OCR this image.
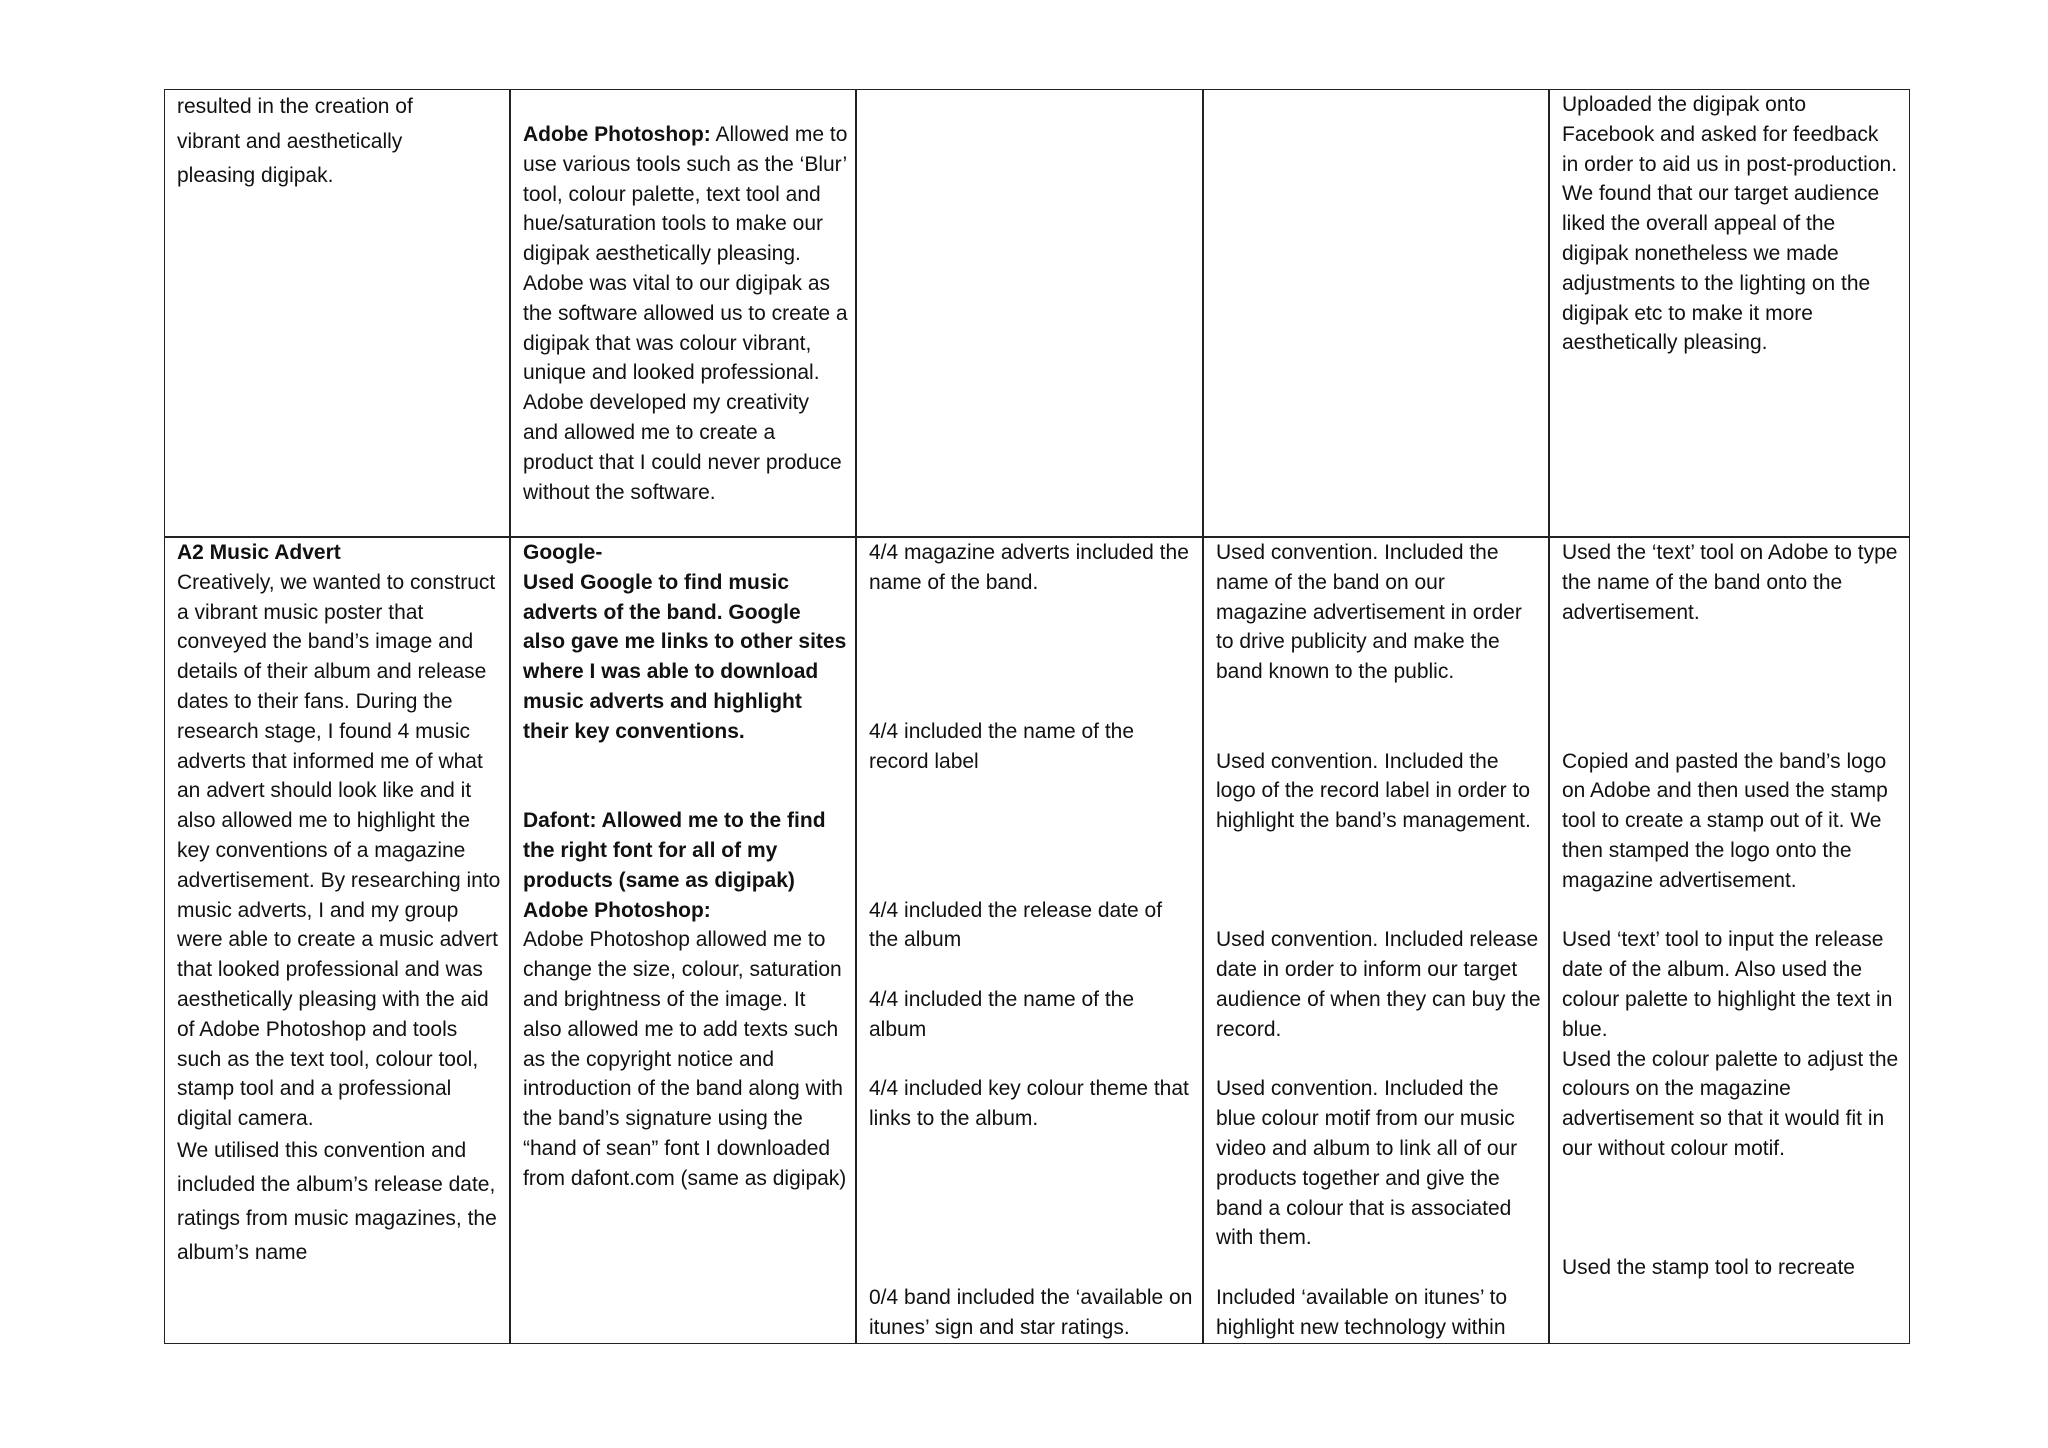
resulted in the creation of vibrant and aesthetically pleasing digipak.
Adobe Photoshop: Allowed me to use various tools such as the ‘Blur’ tool, colour palette, text tool and hue/saturation tools to make our digipak aesthetically pleasing. Adobe was vital to our digipak as the software allowed us to create a digipak that was colour vibrant, unique and looked professional. Adobe developed my creativity and allowed me to create a product that I could never produce without the software.
Uploaded the digipak onto Facebook and asked for feedback in order to aid us in post-production. We found that our target audience liked the overall appeal of the digipak nonetheless we made adjustments to the lighting on the digipak etc to make it more aesthetically pleasing.
A2 Music Advert
Creatively, we wanted to construct a vibrant music poster that conveyed the band’s image and details of their album and release dates to their fans. During the research stage, I found 4 music adverts that informed me of what an advert should look like and it also allowed me to highlight the key conventions of a magazine advertisement. By researching into music adverts, I and my group were able to create a music advert that looked professional and was aesthetically pleasing with the aid of Adobe Photoshop and tools such as the text tool, colour tool, stamp tool and a professional digital camera.
We utilised this convention and included the album’s release date, ratings from music magazines, the album’s name
Google-
Used Google to find music adverts of the band. Google also gave me links to other sites where I was able to download music adverts and highlight their key conventions.
Dafont: Allowed me to the find the right font for all of my products (same as digipak)
Adobe Photoshop:
Adobe Photoshop allowed me to change the size, colour, saturation and brightness of the image. It also allowed me to add texts such as the copyright notice and introduction of the band along with the band’s signature using the “hand of sean” font I downloaded from dafont.com (same as digipak)
4/4 magazine adverts included the name of the band.
4/4 included the name of the record label
4/4 included the release date of the album
4/4 included the name of the album
4/4 included key colour theme that links to the album.
0/4 band included the ‘available on itunes’ sign and star ratings.
Used convention. Included the name of the band on our magazine advertisement in order to drive publicity and make the band known to the public.
Used convention. Included the logo of the record label in order to highlight the band’s management.
Used convention. Included release date in order to inform our target audience of when they can buy the record.
Used convention. Included the blue colour motif from our music video and album to link all of our products together and give the band a colour that is associated with them.
Included ‘available on itunes’ to highlight new technology within
Used the ‘text’ tool on Adobe to type the name of the band onto the advertisement.
Copied and pasted the band’s logo on Adobe and then used the stamp tool to create a stamp out of it. We then stamped the logo onto the magazine advertisement.
Used ‘text’ tool to input the release date of the album. Also used the colour palette to highlight the text in blue.
Used the colour palette to adjust the colours on the magazine advertisement so that it would fit in our without colour motif.
Used the stamp tool to recreate
